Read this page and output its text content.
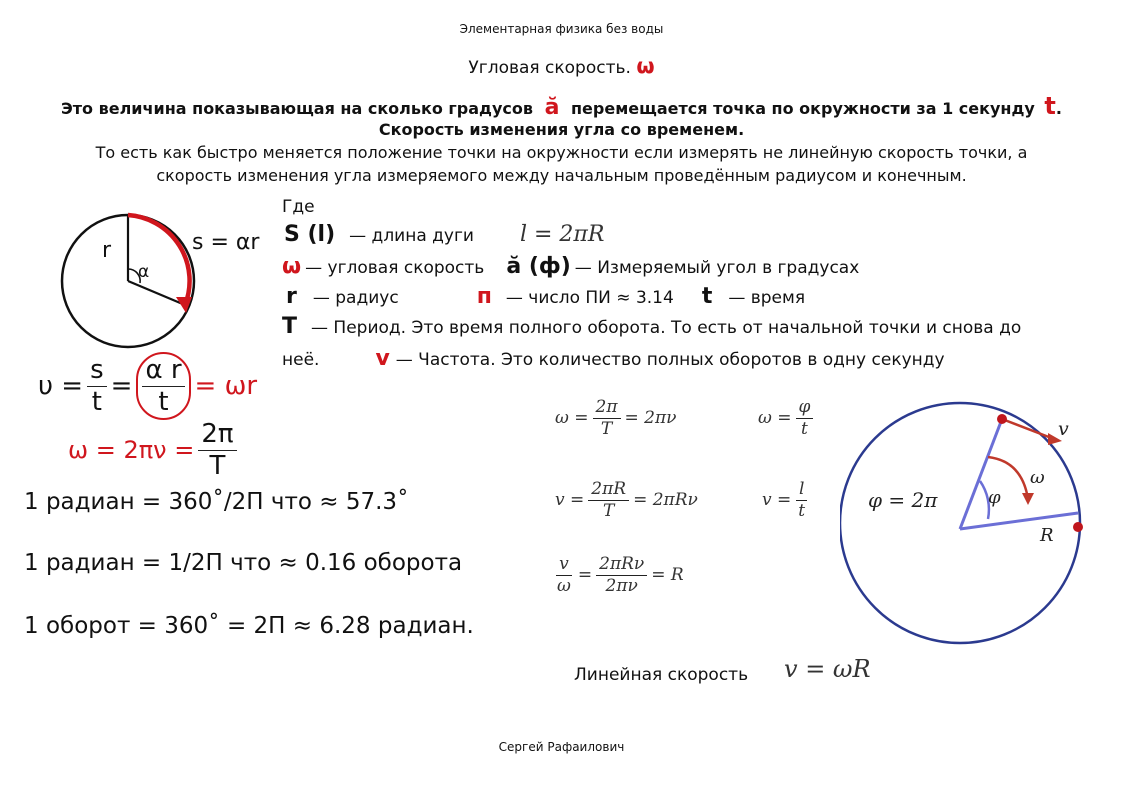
Элементарная физика без воды
Угловая скорость. ω
Это величина показывающая на сколько градусов ӑ перемещается точка по окружности за 1 секунду t.
Скорость изменения угла со временем.
То есть как быстро меняется положение точки на окружности если измерять не линейную скорость точки, а
скорость изменения угла измеряемого между начальным проведённым радиусом и конечным.
r
α
s = αr
$\upsilon = \frac{s}{t} = \frac{\text{α r}}{t} = \omega r$
$\omega = 2\pi\nu = \frac{2\pi}{T}$
Где
S (l) — длина дуги l = 2πR
ω — угловая скорость ӑ (ф) — Измеряемый угол в градусах
r — радиус	п — число ПИ ≈ 3.14 t — время
T — Период. Это время полного оборота. То есть от начальной точки и снова до
неё.	v — Частота. Это количество полных оборотов в одну секунду
1 радиан = 360˚/2П что ≈ 57.3˚
1 радиан = 1/2П что ≈ 0.16 оборота
1 оборот = 360˚ = 2П ≈ 6.28 радиан.
$\omega = \frac{2\pi}{T} = 2\pi\nu$	$\omega = \frac{\varphi}{t}$
$v = \frac{2\pi R}{T} = 2\pi R\nu$	$v = \frac{l}{t}$
$\frac{v}{\omega} = \frac{\text{2πRν}}{2\pi\nu} = R$
v
ω
φ = 2π	φ
R
Линейная скорость v = ωR
Сергей Рафаилович
